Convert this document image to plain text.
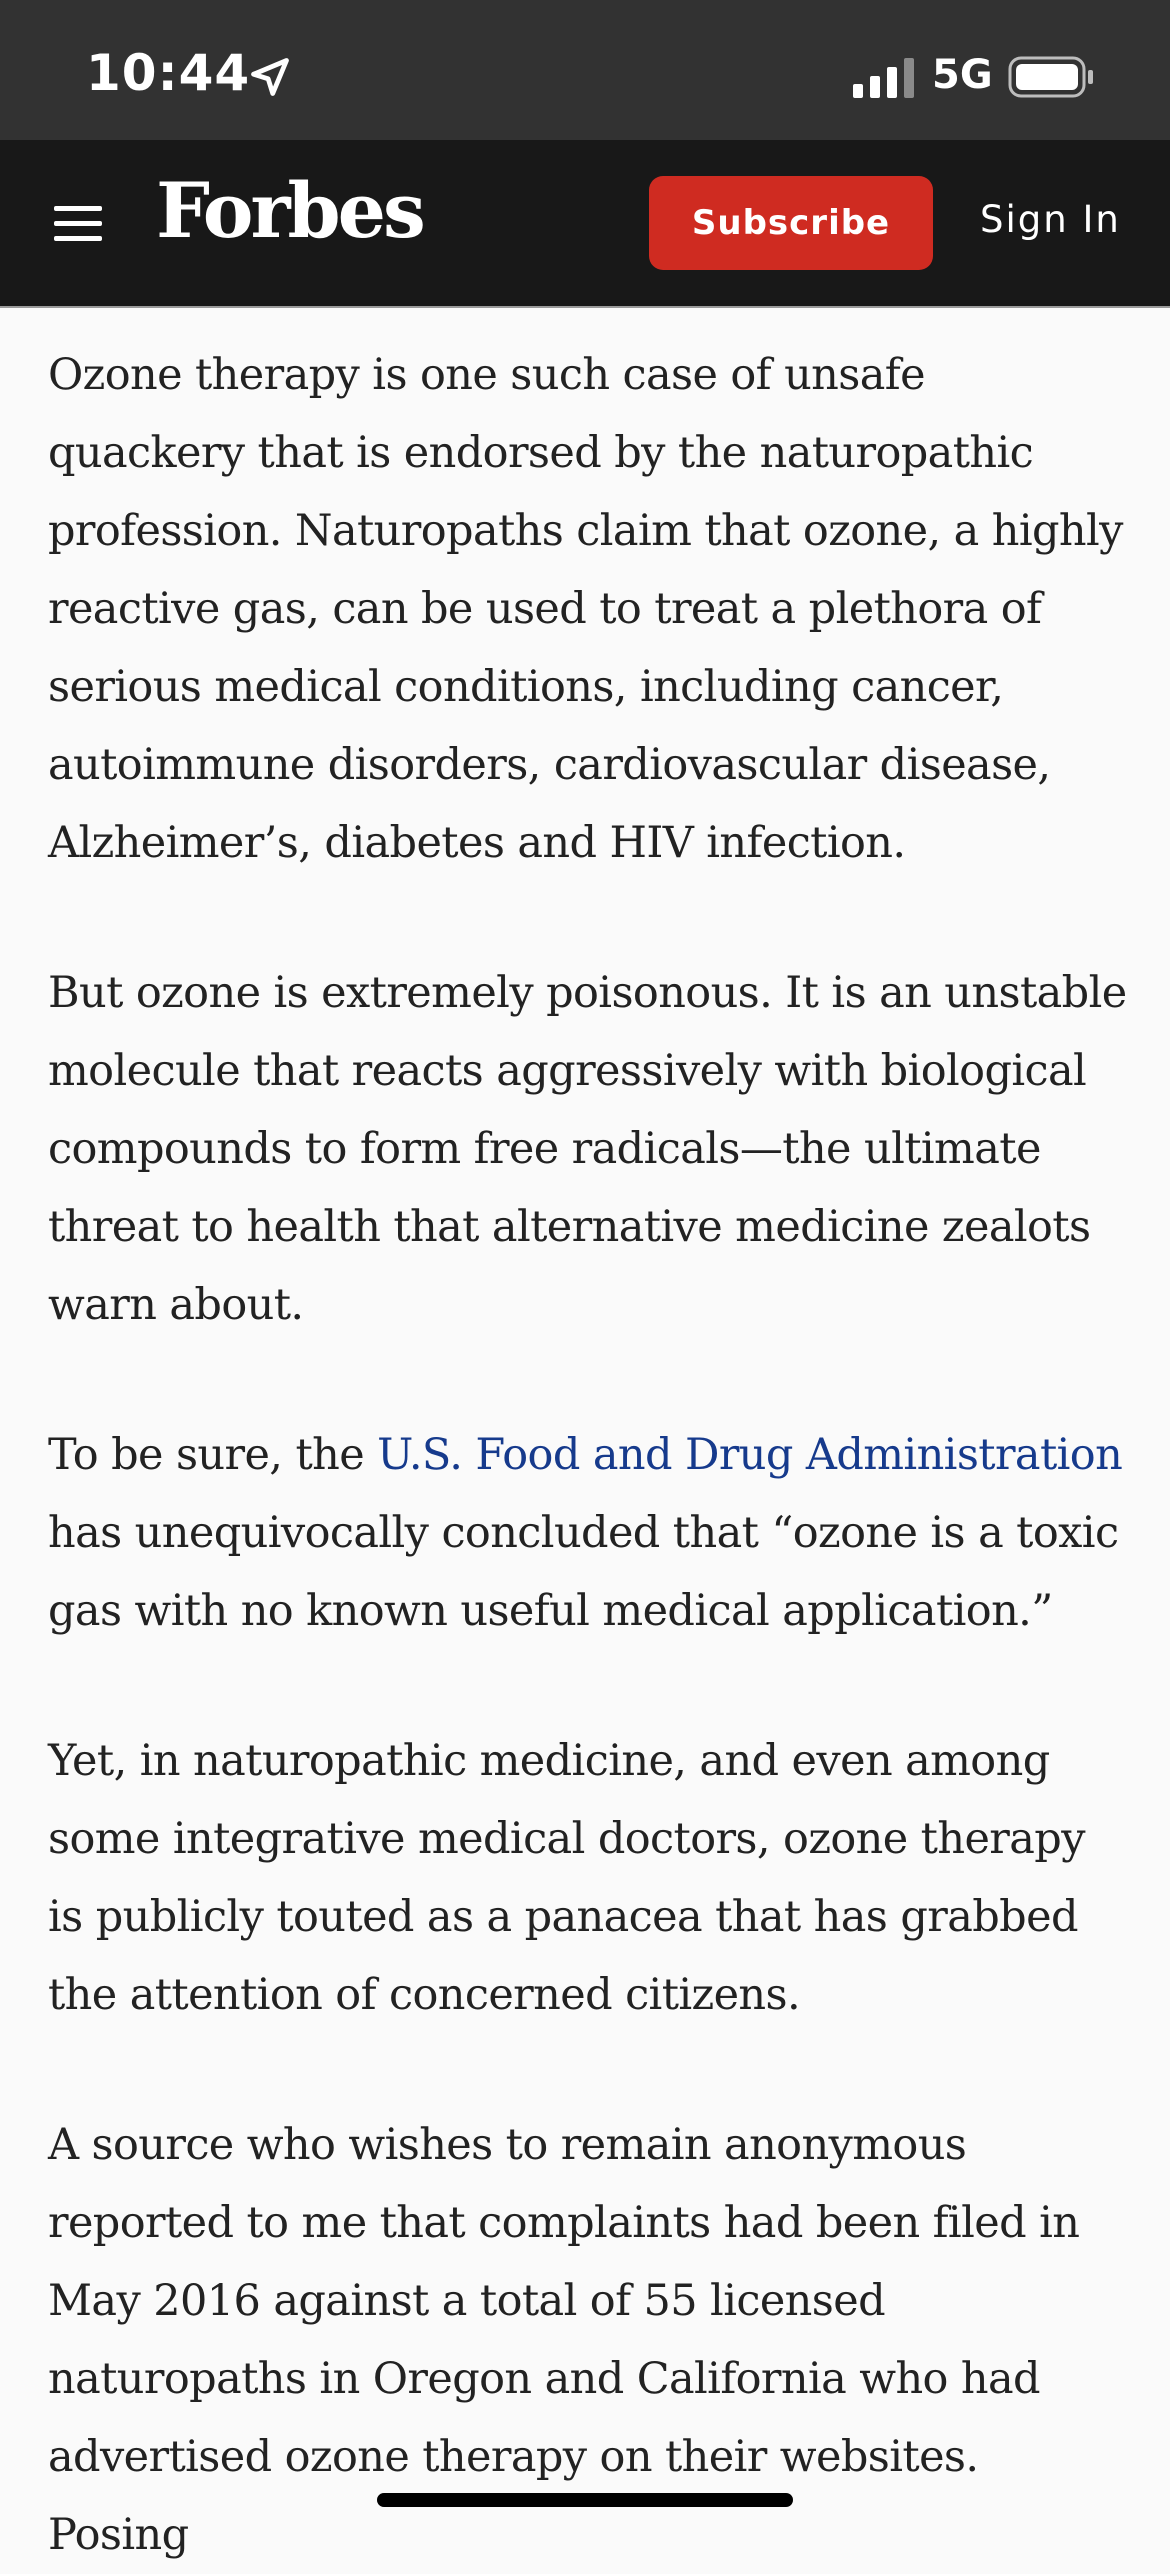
10:44	5G
Forbes	Subscribe	Sign In

Ozone therapy is one such case of unsafe quackery that is endorsed by the naturopathic profession. Naturopaths claim that ozone, a highly reactive gas, can be used to treat a plethora of serious medical conditions, including cancer, autoimmune disorders, cardiovascular disease, Alzheimer’s, diabetes and HIV infection.

But ozone is extremely poisonous. It is an unstable molecule that reacts aggressively with biological compounds to form free radicals—the ultimate threat to health that alternative medicine zealots warn about.

To be sure, the U.S. Food and Drug Administration has unequivocally concluded that “ozone is a toxic gas with no known useful medical application.”

Yet, in naturopathic medicine, and even among some integrative medical doctors, ozone therapy is publicly touted as a panacea that has grabbed the attention of concerned citizens.

A source who wishes to remain anonymous reported to me that complaints had been filed in May 2016 against a total of 55 licensed naturopaths in Oregon and California who had advertised ozone therapy on their websites. Posing
